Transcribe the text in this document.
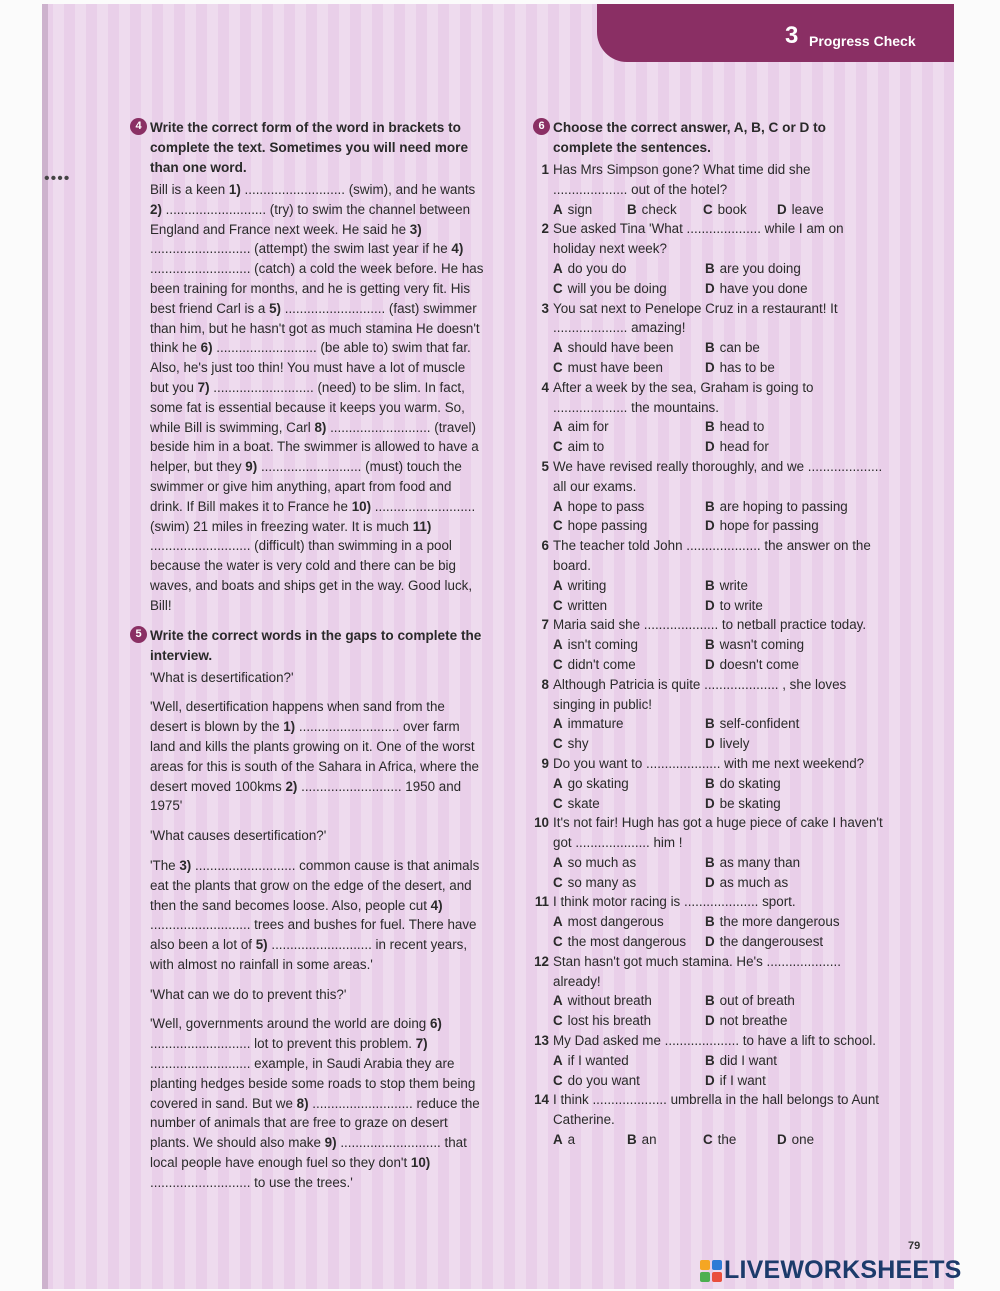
3 Progress Check
••••
4 Write the correct form of the word in brackets to complete the text. Sometimes you will need more than one word.
Bill is a keen 1) ........................... (swim), and he wants 2) ........................... (try) to swim the channel between England and France next week. He said he 3) ........................... (attempt) the swim last year if he 4) ........................... (catch) a cold the week before. He has been training for months, and he is getting very fit. His best friend Carl is a 5) ........................... (fast) swimmer than him, but he hasn't got as much stamina He doesn't think he 6) ........................... (be able to) swim that far. Also, he's just too thin! You must have a lot of muscle but you 7) ........................... (need) to be slim. In fact, some fat is essential because it keeps you warm. So, while Bill is swimming, Carl 8) ........................... (travel) beside him in a boat. The swimmer is allowed to have a helper, but they 9) ........................... (must) touch the swimmer or give him anything, apart from food and drink. If Bill makes it to France he 10) ........................... (swim) 21 miles in freezing water. It is much 11) ........................... (difficult) than swimming in a pool because the water is very cold and there can be big waves, and boats and ships get in the way. Good luck, Bill!
5 Write the correct words in the gaps to complete the interview.
'What is desertification?'
'Well, desertification happens when sand from the desert is blown by the 1) ........................... over farm land and kills the plants growing on it. One of the worst areas for this is south of the Sahara in Africa, where the desert moved 100kms 2) ........................... 1950 and 1975'
'What causes desertification?'
'The 3) ........................... common cause is that animals eat the plants that grow on the edge of the desert, and then the sand becomes loose. Also, people cut 4) ........................... trees and bushes for fuel. There have also been a lot of 5) ........................... in recent years, with almost no rainfall in some areas.'
'What can we do to prevent this?'
'Well, governments around the world are doing 6) ........................... lot to prevent this problem. 7) ........................... example, in Saudi Arabia they are planting hedges beside some roads to stop them being covered in sand. But we 8) ........................... reduce the number of animals that are free to graze on desert plants. We should also make 9) ........................... that local people have enough fuel so they don't 10) ........................... to use the trees.'
6 Choose the correct answer, A, B, C or D to complete the sentences.
1 Has Mrs Simpson gone? What time did she .................... out of the hotel?
A sign	B check	C book	D leave
2 Sue asked Tina 'What .................... while I am on holiday next week?
A do you do	B are you doing
C will you be doing	D have you done
3 You sat next to Penelope Cruz in a restaurant! It .................... amazing!
A should have been	B can be
C must have been	D has to be
4 After a week by the sea, Graham is going to .................... the mountains.
A aim for	B head to
C aim to	D head for
5 We have revised really thoroughly, and we .................... all our exams.
A hope to pass	B are hoping to passing
C hope passing	D hope for passing
6 The teacher told John .................... the answer on the board.
A writing	B write
C written	D to write
7 Maria said she .................... to netball practice today.
A isn't coming	B wasn't coming
C didn't come	D doesn't come
8 Although Patricia is quite .................... , she loves singing in public!
A immature	B self-confident
C shy	D lively
9 Do you want to .................... with me next weekend?
A go skating	B do skating
C skate	D be skating
10 It's not fair! Hugh has got a huge piece of cake I haven't got .................... him !
A so much as	B as many than
C so many as	D as much as
11 I think motor racing is .................... sport.
A most dangerous	B the more dangerous
C the most dangerous	D the dangerousest
12 Stan hasn't got much stamina. He's .................... already!
A without breath	B out of breath
C lost his breath	D not breathe
13 My Dad asked me .................... to have a lift to school.
A if I wanted	B did I want
C do you want	D if I want
14 I think .................... umbrella in the hall belongs to Aunt Catherine.
A a	B an	C the	D one
79
LIVEWORKSHEETS
